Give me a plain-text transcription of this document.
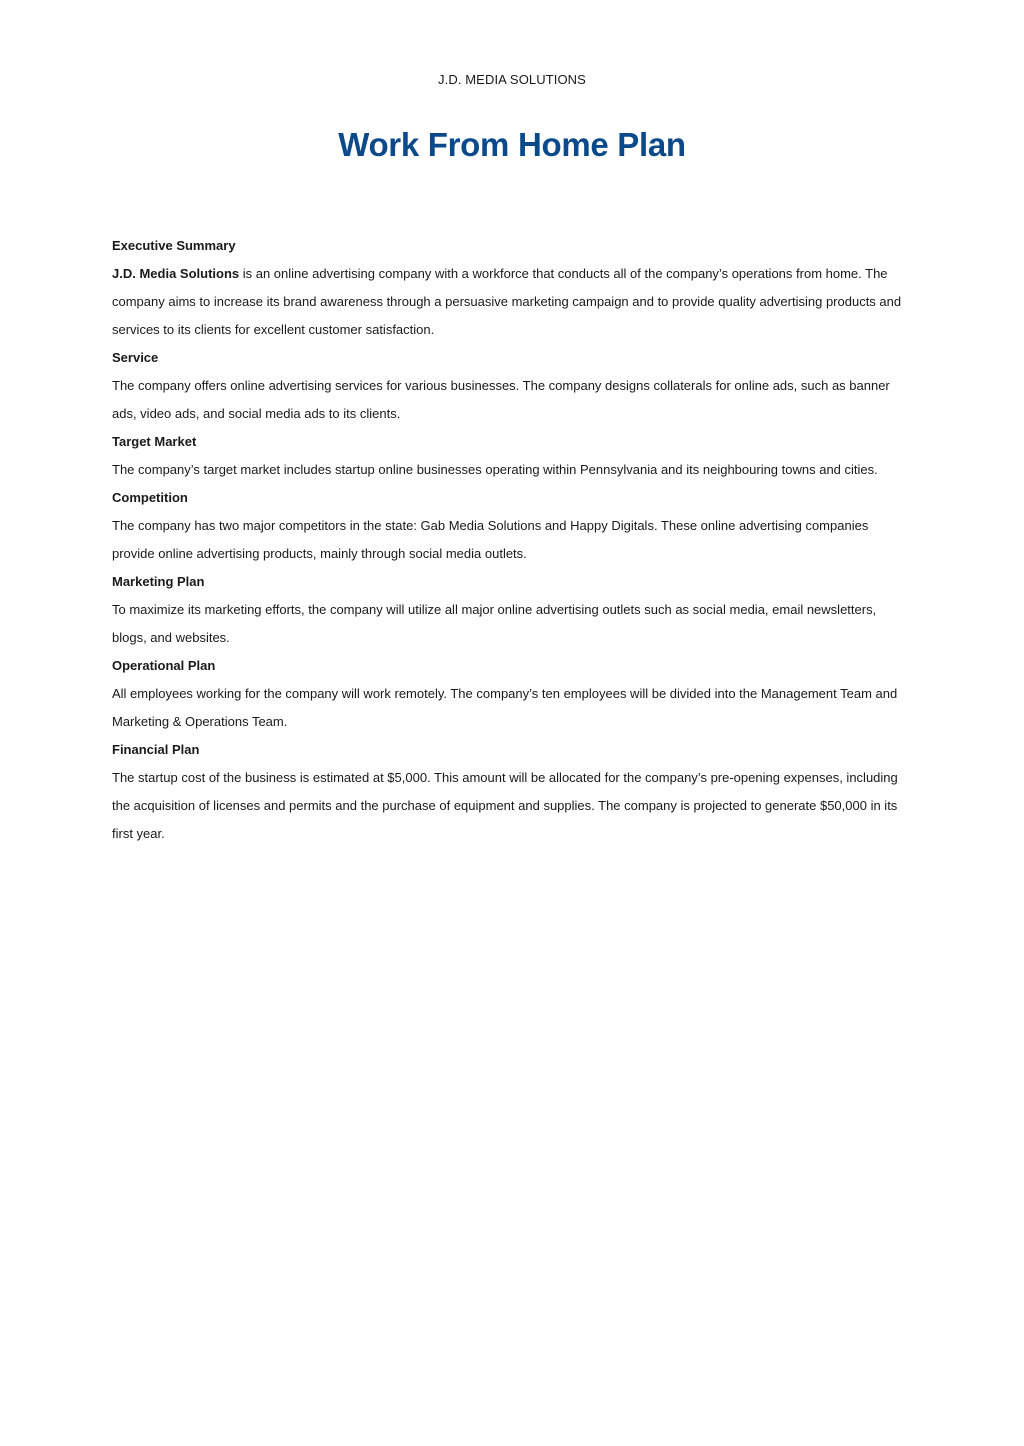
J.D. MEDIA SOLUTIONS
Work From Home Plan

Executive Summary

J.D. Media Solutions is an online advertising company with a workforce that conducts all of the company’s operations from home. The company aims to increase its brand awareness through a persuasive marketing campaign and to provide quality advertising products and services to its clients for excellent customer satisfaction.

Service

The company offers online advertising services for various businesses. The company designs collaterals for online ads, such as banner ads, video ads, and social media ads to its clients.

Target Market

The company’s target market includes startup online businesses operating within Pennsylvania and its neighbouring towns and cities.

Competition

The company has two major competitors in the state: Gab Media Solutions and Happy Digitals. These online advertising companies provide online advertising products, mainly through social media outlets.

Marketing Plan

To maximize its marketing efforts, the company will utilize all major online advertising outlets such as social media, email newsletters, blogs, and websites.

Operational Plan

All employees working for the company will work remotely. The company’s ten employees will be divided into the Management Team and Marketing & Operations Team.

Financial Plan

The startup cost of the business is estimated at $5,000. This amount will be allocated for the company’s pre-opening expenses, including the acquisition of licenses and permits and the purchase of equipment and supplies. The company is projected to generate $50,000 in its first year.
